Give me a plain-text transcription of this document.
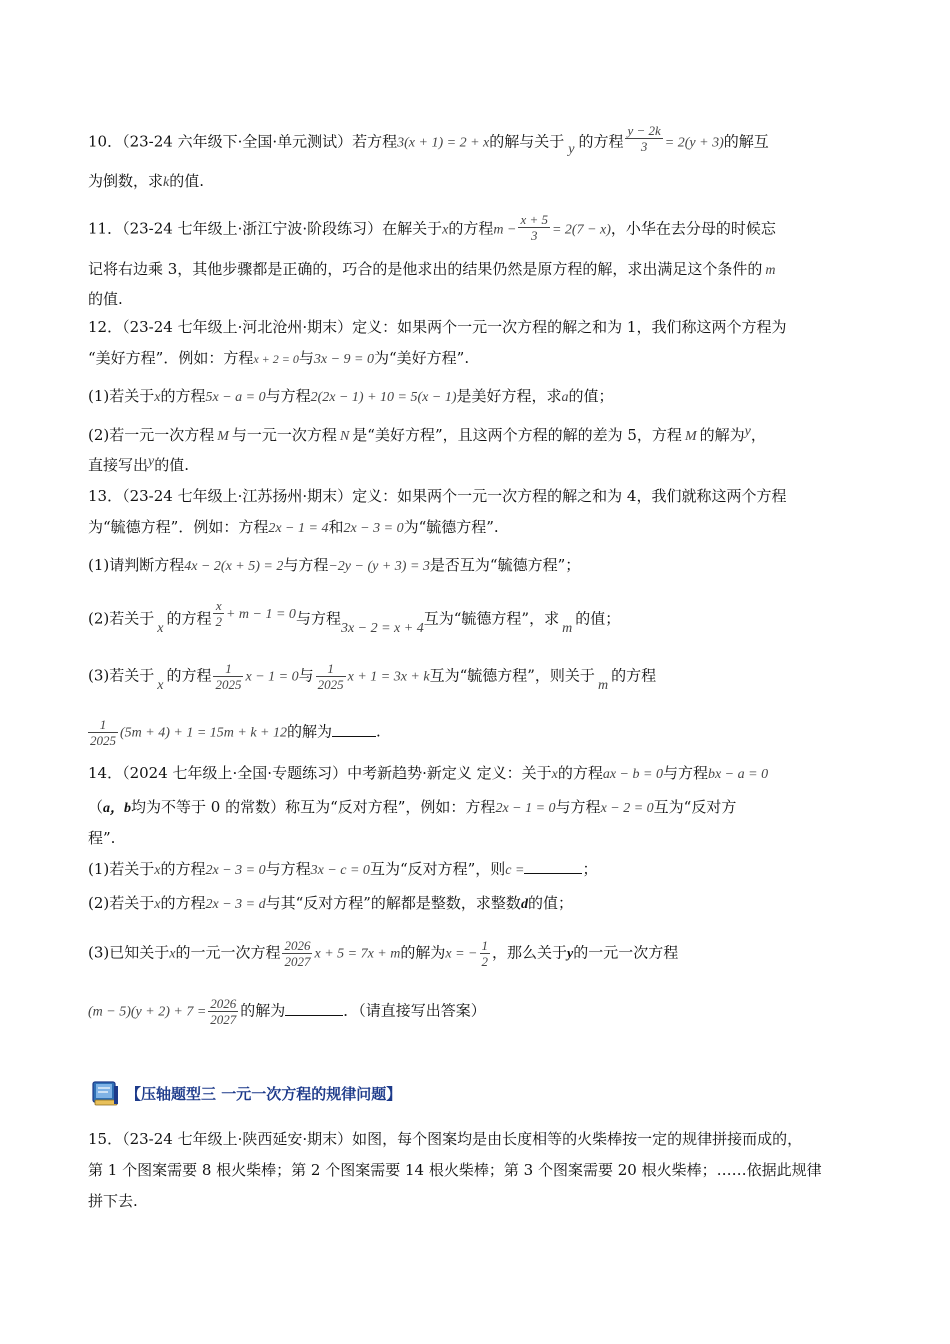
10．（23-24 六年级下·全国·单元测试）若方程3(x + 1) = 2 + x的解与关于 y 的方程 $\frac{y - 2k}{3} = 2(y + 3)$的解互
为倒数，求k的值.
11．（23-24 七年级上·浙江宁波·阶段练习）在解关于x的方程$m - \frac{x + 5}{3} = 2(7 - x)$，小华在去分母的时候忘
记将右边乘 3，其他步骤都是正确的，巧合的是他求出的结果仍然是原方程的解，求出满足这个条件的 m
的值.
12．（23-24 七年级上·河北沧州·期末）定义：如果两个一元一次方程的解之和为 1，我们称这两个方程为
“美好方程”．例如：方程x + 2 = 0与3x − 9 = 0为“美好方程”.
(1)若关于x的方程5x − a = 0与方程2(2x − 1) + 10 = 5(x − 1)是美好方程，求a的值；
(2)若一元一次方程 M 与一元一次方程 N 是“美好方程”，且这两个方程的解的差为 5，方程 M 的解为y，
直接写出y的值.
13．（23-24 七年级上·江苏扬州·期末）定义：如果两个一元一次方程的解之和为 4，我们就称这两个方程
为“毓德方程”．例如：方程2x − 1 = 4和2x − 3 = 0为“毓德方程”.
(1)请判断方程4x − 2(x + 5) = 2与方程−2y − (y + 3) = 3是否互为“毓德方程”；
(2)若关于x的方程 $\frac{x}{2} + m - 1 = 0$与方程3x − 2 = x + 4互为“毓德方程”，求m的值；
(3)若关于x的方程 $\frac{1}{2025}$ x − 1 = 0与 $\frac{1}{2025}$ x + 1 = 3x + k互为“毓德方程”，则关于m的方程
$\frac{1}{2025} (5m + 4) + 1 = 15m + k + 12$的解为	.
14．（2024 七年级上·全国·专题练习）中考新趋势·新定义 定义：关于x的方程ax − b = 0与方程bx − a = 0
（a，b均为不等于 0 的常数）称互为“反对方程”，例如：方程2x − 1 = 0与方程x − 2 = 0互为“反对方
程”.
(1)若关于x的方程2x − 3 = 0与方程3x − c = 0互为“反对方程”，则c =	；
(2)若关于x的方程2x − 3 = d与其“反对方程”的解都是整数，求整数d的值；
(3)已知关于x的一元一次方程 $\frac{2026}{2027}$ x + 5 = 7x + m的解为x = − $\frac{1}{2}$ ，那么关于y的一元一次方程
$(m - 5)(y + 2) + 7 = \frac{2026}{2027}$ 的解为	．（请直接写出答案）
【压轴题型三 一元一次方程的规律问题】
15．（23-24 七年级上·陕西延安·期末）如图，每个图案均是由长度相等的火柴棒按一定的规律拼接而成的，
第 1 个图案需要 8 根火柴棒；第 2 个图案需要 14 根火柴棒；第 3 个图案需要 20 根火柴棒；……依据此规律
拼下去.
